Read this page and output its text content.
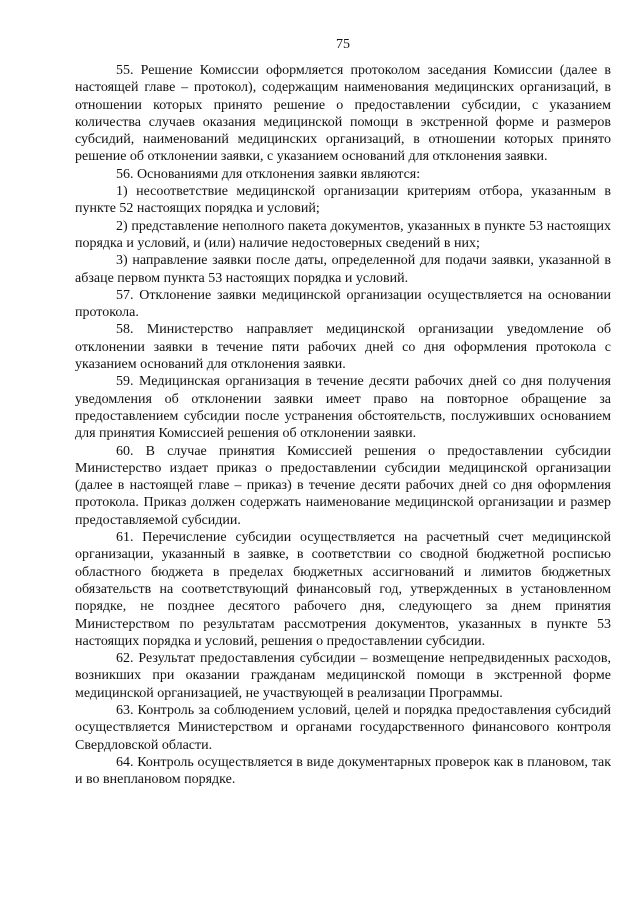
75

55. Решение Комиссии оформляется протоколом заседания Комиссии (далее в настоящей главе – протокол), содержащим наименования медицинских организаций, в отношении которых принято решение о предоставлении субсидии, с указанием количества случаев оказания медицинской помощи в экстренной форме и размеров субсидий, наименований медицинских организаций, в отношении которых принято решение об отклонении заявки, с указанием оснований для отклонения заявки.

56. Основаниями для отклонения заявки являются:

1) несоответствие медицинской организации критериям отбора, указанным в пункте 52 настоящих порядка и условий;

2) представление неполного пакета документов, указанных в пункте 53 настоящих порядка и условий, и (или) наличие недостоверных сведений в них;

3) направление заявки после даты, определенной для подачи заявки, указанной в абзаце первом пункта 53 настоящих порядка и условий.

57. Отклонение заявки медицинской организации осуществляется на основании протокола.

58. Министерство направляет медицинской организации уведомление об отклонении заявки в течение пяти рабочих дней со дня оформления протокола с указанием оснований для отклонения заявки.

59. Медицинская организация в течение десяти рабочих дней со дня получения уведомления об отклонении заявки имеет право на повторное обращение за предоставлением субсидии после устранения обстоятельств, послуживших основанием для принятия Комиссией решения об отклонении заявки.

60. В случае принятия Комиссией решения о предоставлении субсидии Министерство издает приказ о предоставлении субсидии медицинской организации (далее в настоящей главе – приказ) в течение десяти рабочих дней со дня оформления протокола. Приказ должен содержать наименование медицинской организации и размер предоставляемой субсидии.

61. Перечисление субсидии осуществляется на расчетный счет медицинской организации, указанный в заявке, в соответствии со сводной бюджетной росписью областного бюджета в пределах бюджетных ассигнований и лимитов бюджетных обязательств на соответствующий финансовый год, утвержденных в установленном порядке, не позднее десятого рабочего дня, следующего за днем принятия Министерством по результатам рассмотрения документов, указанных в пункте 53 настоящих порядка и условий, решения о предоставлении субсидии.

62. Результат предоставления субсидии – возмещение непредвиденных расходов, возникших при оказании гражданам медицинской помощи в экстренной форме медицинской организацией, не участвующей в реализации Программы.

63. Контроль за соблюдением условий, целей и порядка предоставления субсидий осуществляется Министерством и органами государственного финансового контроля Свердловской области.

64. Контроль осуществляется в виде документарных проверок как в плановом, так и во внеплановом порядке.
